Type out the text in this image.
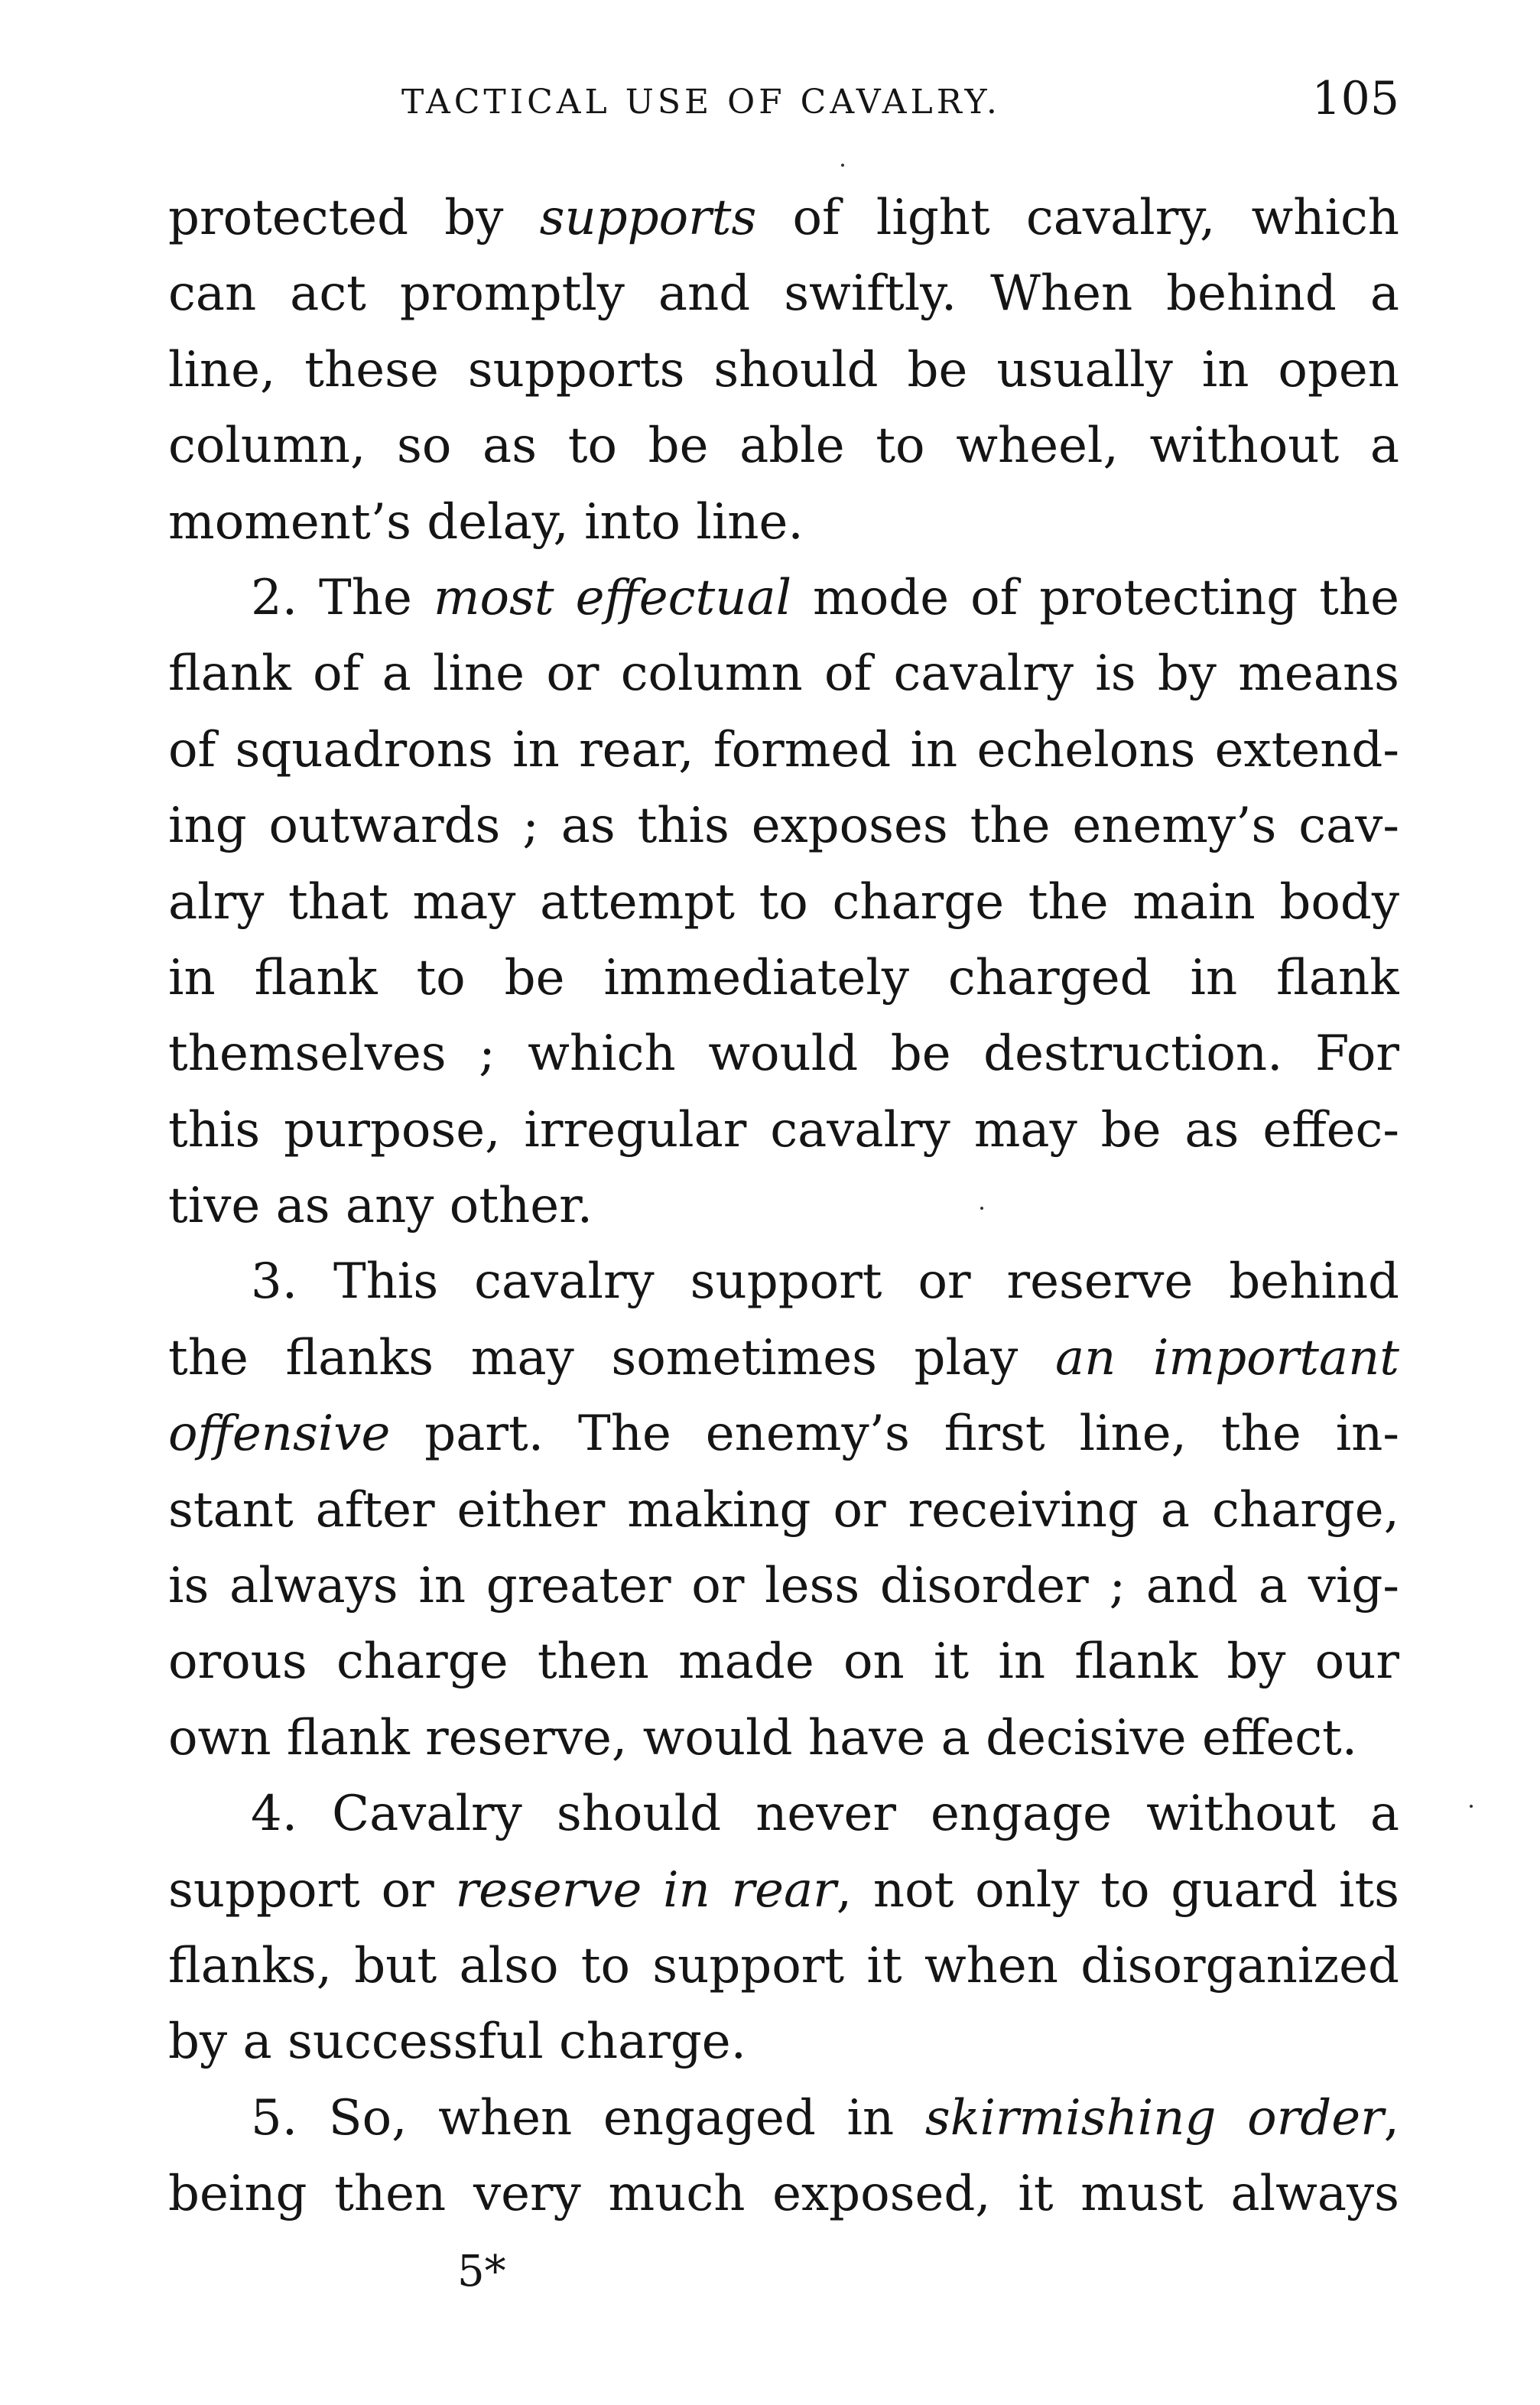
TACTICAL USE OF CAVALRY.	105
protected by supports of light cavalry, which
can act promptly and swiftly. When behind a
line, these supports should be usually in open
column, so as to be able to wheel, without a
moment’s delay, into line.
2. The most effectual mode of protecting the
flank of a line or column of cavalry is by means
of squadrons in rear, formed in echelons extend-
ing outwards ; as this exposes the enemy’s cav-
alry that may attempt to charge the main body
in flank to be immediately charged in flank
themselves ; which would be destruction. For
this purpose, irregular cavalry may be as effec-
tive as any other.
3. This cavalry support or reserve behind
the flanks may sometimes play an important
offensive part. The enemy’s first line, the in-
stant after either making or receiving a charge,
is always in greater or less disorder ; and a vig-
orous charge then made on it in flank by our
own flank reserve, would have a decisive effect.
4. Cavalry should never engage without a
support or reserve in rear, not only to guard its
flanks, but also to support it when disorganized
by a successful charge.
5. So, when engaged in skirmishing order,
being then very much exposed, it must always
5*
